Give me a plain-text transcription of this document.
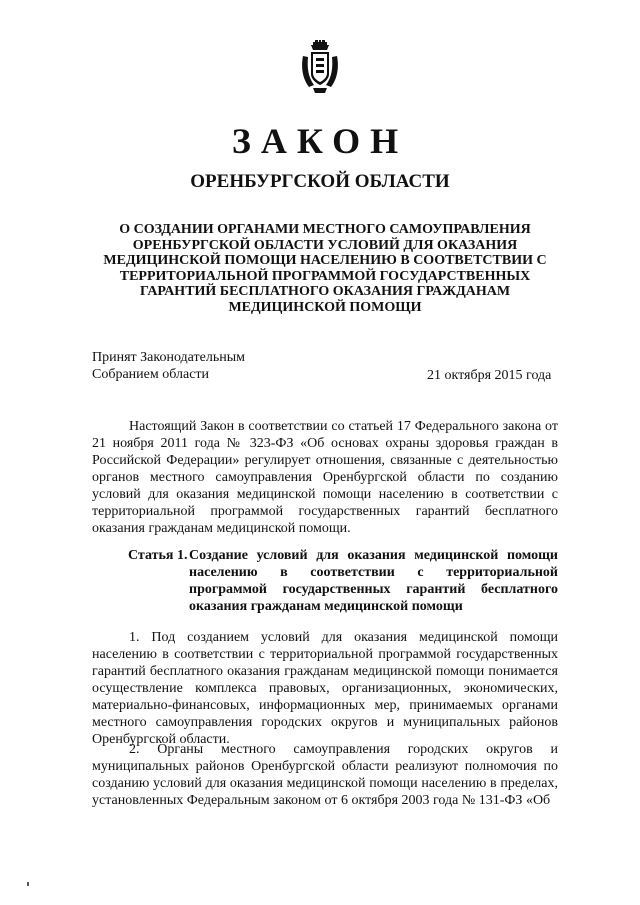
ЗАКОН
ОРЕНБУРГСКОЙ ОБЛАСТИ
О СОЗДАНИИ ОРГАНАМИ МЕСТНОГО САМОУПРАВЛЕНИЯ ОРЕНБУРГСКОЙ ОБЛАСТИ УСЛОВИЙ ДЛЯ ОКАЗАНИЯ МЕДИЦИНСКОЙ ПОМОЩИ НАСЕЛЕНИЮ В СООТВЕТСТВИИ С ТЕРРИТОРИАЛЬНОЙ ПРОГРАММОЙ ГОСУДАРСТВЕННЫХ ГАРАНТИЙ БЕСПЛАТНОГО ОКАЗАНИЯ ГРАЖДАНАМ МЕДИЦИНСКОЙ ПОМОЩИ
Принят Законодательным
Собранием области	21 октября 2015 года
Настоящий Закон в соответствии со статьей 17 Федерального закона от 21 ноября 2011 года № 323-ФЗ «Об основах охраны здоровья граждан в Российской Федерации» регулирует отношения, связанные с деятельностью органов местного самоуправления Оренбургской области по созданию условий для оказания медицинской помощи населению в соответствии с территориальной программой государственных гарантий бесплатного оказания гражданам медицинской помощи.
Статья 1. Создание условий для оказания медицинской помощи населению в соответствии с территориальной программой государственных гарантий бесплатного оказания гражданам медицинской помощи
1. Под созданием условий для оказания медицинской помощи населению в соответствии с территориальной программой государственных гарантий бесплатного оказания гражданам медицинской помощи понимается осуществление комплекса правовых, организационных, экономических, материально-финансовых, информационных мер, принимаемых органами местного самоуправления городских округов и муниципальных районов Оренбургской области.
2. Органы местного самоуправления городских округов и муниципальных районов Оренбургской области реализуют полномочия по созданию условий для оказания медицинской помощи населению в пределах, установленных Федеральным законом от 6 октября 2003 года № 131-ФЗ «Об
